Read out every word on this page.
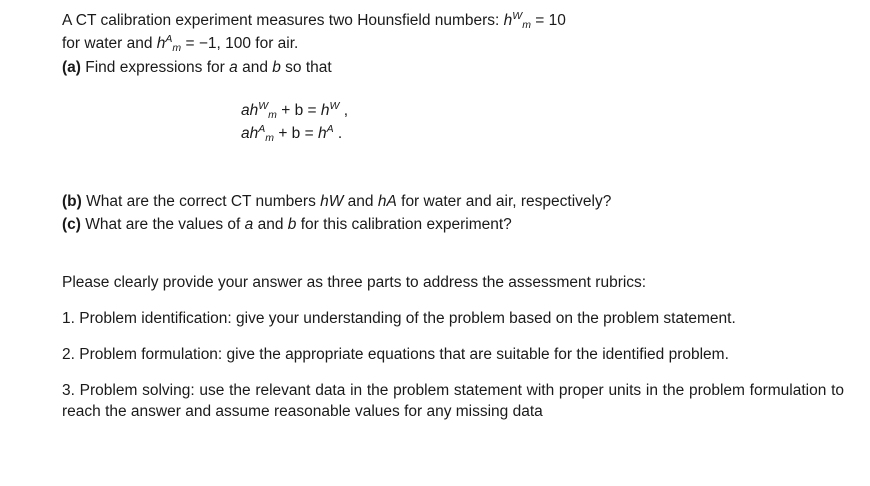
A CT calibration experiment measures two Hounsfield numbers: $h^W_m = 10$
for water and $h^A_m = -1$, 100 for air.
(a) Find expressions for a and b so that
$ah^W_m + b = h^W$ ,
$ah^A_m + b = h^A$ .
(b) What are the correct CT numbers hW and hA for water and air, respectively?
(c) What are the values of a and b for this calibration experiment?
Please clearly provide your answer as three parts to address the assessment rubrics:
1. Problem identification: give your understanding of the problem based on the problem statement.
2. Problem formulation: give the appropriate equations that are suitable for the identified problem.
3. Problem solving: use the relevant data in the problem statement with proper units in the problem formulation to reach the answer and assume reasonable values for any missing data
